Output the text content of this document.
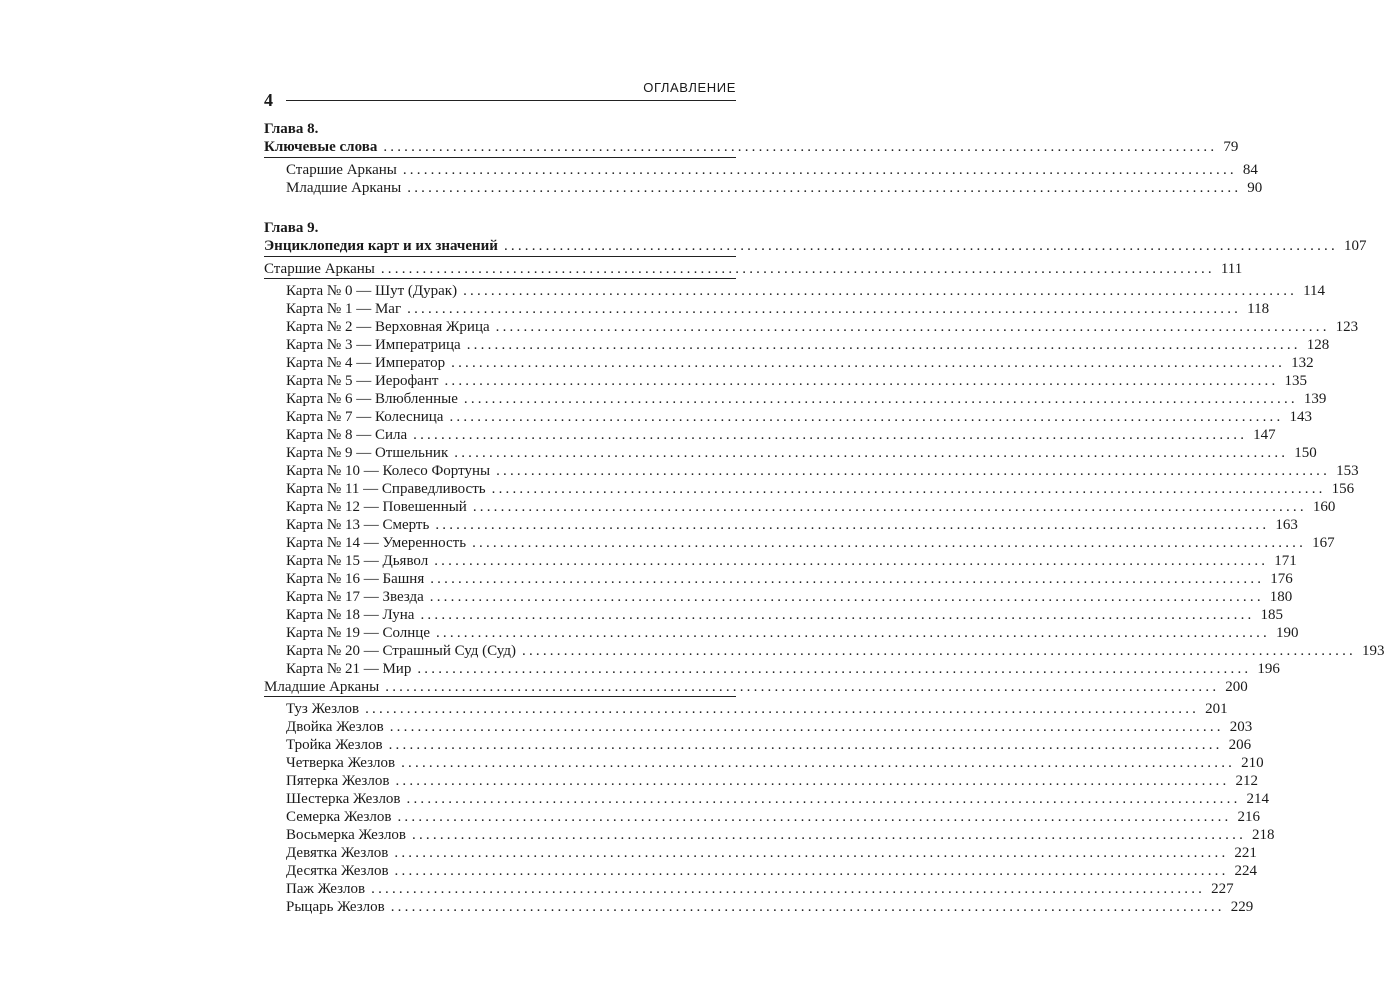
4
ОГЛАВЛЕНИЕ
Глава 8.
Ключевые слова ........................................................................................................................ 79
Старшие Арканы ........................................................................................................................ 84
Младшие Арканы ........................................................................................................................ 90
Глава 9.
Энциклопедия карт и их значений ........................................................................................................................ 107
Старшие Арканы ........................................................................................................................ 111
Карта № 0 — Шут (Дурак) ........................................................................................................................ 114
Карта № 1 — Маг ........................................................................................................................ 118
Карта № 2 — Верховная Жрица ........................................................................................................................ 123
Карта № 3 — Императрица ........................................................................................................................ 128
Карта № 4 — Император ........................................................................................................................ 132
Карта № 5 — Иерофант ........................................................................................................................ 135
Карта № 6 — Влюбленные ........................................................................................................................ 139
Карта № 7 — Колесница ........................................................................................................................ 143
Карта № 8 — Сила ........................................................................................................................ 147
Карта № 9 — Отшельник ........................................................................................................................ 150
Карта № 10 — Колесо Фортуны ........................................................................................................................ 153
Карта № 11 — Справедливость ........................................................................................................................ 156
Карта № 12 — Повешенный ........................................................................................................................ 160
Карта № 13 — Смерть ........................................................................................................................ 163
Карта № 14 — Умеренность ........................................................................................................................ 167
Карта № 15 — Дьявол ........................................................................................................................ 171
Карта № 16 — Башня ........................................................................................................................ 176
Карта № 17 — Звезда ........................................................................................................................ 180
Карта № 18 — Луна ........................................................................................................................ 185
Карта № 19 — Солнце ........................................................................................................................ 190
Карта № 20 — Страшный Суд (Суд) ........................................................................................................................ 193
Карта № 21 — Мир ........................................................................................................................ 196
Младшие Арканы ........................................................................................................................ 200
Туз Жезлов ........................................................................................................................ 201
Двойка Жезлов ........................................................................................................................ 203
Тройка Жезлов ........................................................................................................................ 206
Четверка Жезлов ........................................................................................................................ 210
Пятерка Жезлов ........................................................................................................................ 212
Шестерка Жезлов ........................................................................................................................ 214
Семерка Жезлов ........................................................................................................................ 216
Восьмерка Жезлов ........................................................................................................................ 218
Девятка Жезлов ........................................................................................................................ 221
Десятка Жезлов ........................................................................................................................ 224
Паж Жезлов ........................................................................................................................ 227
Рыцарь Жезлов ........................................................................................................................ 229
